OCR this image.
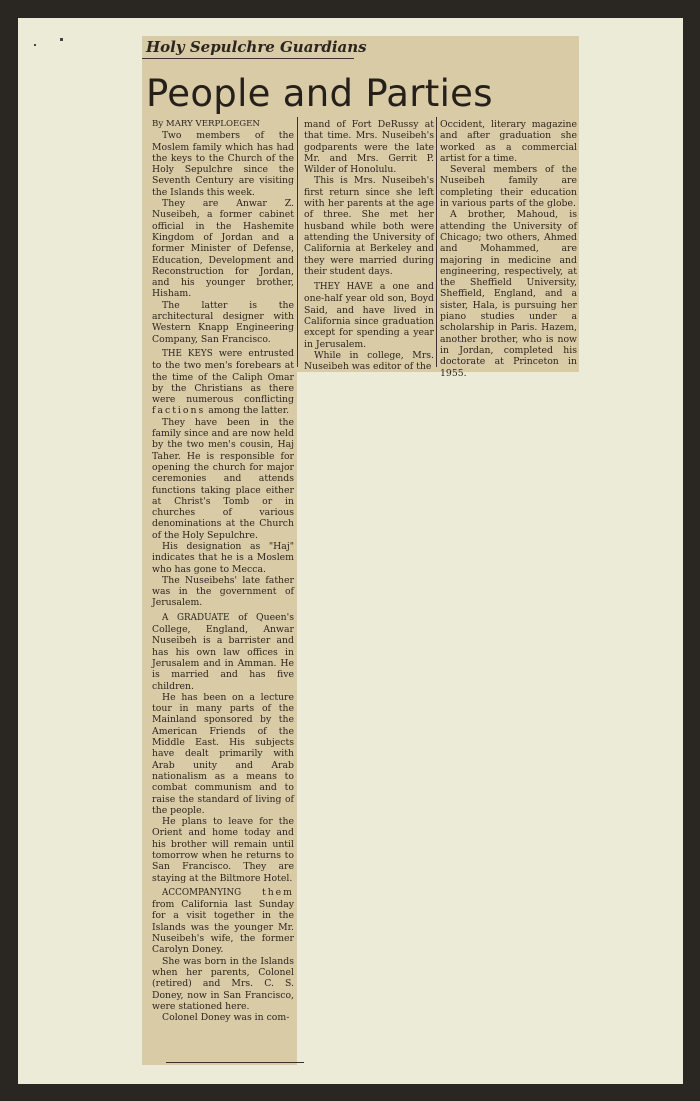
Holy Sepulchre Guardians
People and Parties

By MARY VERPLOEGEN

Two members of the Moslem family which has had the keys to the Church of the Holy Sepulchre since the Seventh Century are visiting the Islands this week.

They are Anwar Z. Nuseibeh, a former cabinet official in the Hashemite Kingdom of Jordan and a former Minister of Defense, Education, Development and Reconstruction for Jordan, and his younger brother, Hisham.

The latter is the architectural designer with Western Knapp Engineering Company, San Francisco.

THE KEYS were entrusted to the two men's forebears at the time of the Caliph Omar by the Christians as there were numerous conflicting factions among the latter.

They have been in the family since and are now held by the two men's cousin, Haj Taher. He is responsible for opening the church for major ceremonies and attends functions taking place either at Christ's Tomb or in churches of various denominations at the Church of the Holy Sepulchre.

His designation as "Haj" indicates that he is a Moslem who has gone to Mecca.

The Nuseibehs' late father was in the government of Jerusalem.

A GRADUATE of Queen's College, England, Anwar Nuseibeh is a barrister and has his own law offices in Jerusalem and in Amman. He is married and has five children.

He has been on a lecture tour in many parts of the Mainland sponsored by the American Friends of the Middle East. His subjects have dealt primarily with Arab unity and Arab nationalism as a means to combat communism and to raise the standard of living of the people.

He plans to leave for the Orient and home today and his brother will remain until tomorrow when he returns to San Francisco. They are staying at the Biltmore Hotel.

ACCOMPANYING them from California last Sunday for a visit together in the Islands was the younger Mr. Nuseibeh's wife, the former Carolyn Doney.

She was born in the Islands when her parents, Colonel (retired) and Mrs. C. S. Doney, now in San Francisco, were stationed here.

Colonel Doney was in com-

mand of Fort DeRussy at that time. Mrs. Nuseibeh's godparents were the late Mr. and Mrs. Gerrit P. Wilder of Honolulu.

This is Mrs. Nuseibeh's first return since she left with her parents at the age of three. She met her husband while both were attending the University of California at Berkeley and they were married during their student days.

THEY HAVE a one and one-half year old son, Boyd Said, and have lived in California since graduation except for spending a year in Jerusalem.

While in college, Mrs. Nuseibeh was editor of the

Occident, literary magazine and after graduation she worked as a commercial artist for a time.

Several members of the Nuseibeh family are completing their education in various parts of the globe.

A brother, Mahoud, is attending the University of Chicago; two others, Ahmed and Mohammed, are majoring in medicine and engineering, respectively, at the Sheffield University, Sheffield, England, and a sister, Hala, is pursuing her piano studies under a scholarship in Paris. Hazem, another brother, who is now in Jordan, completed his doctorate at Princeton in 1955.
